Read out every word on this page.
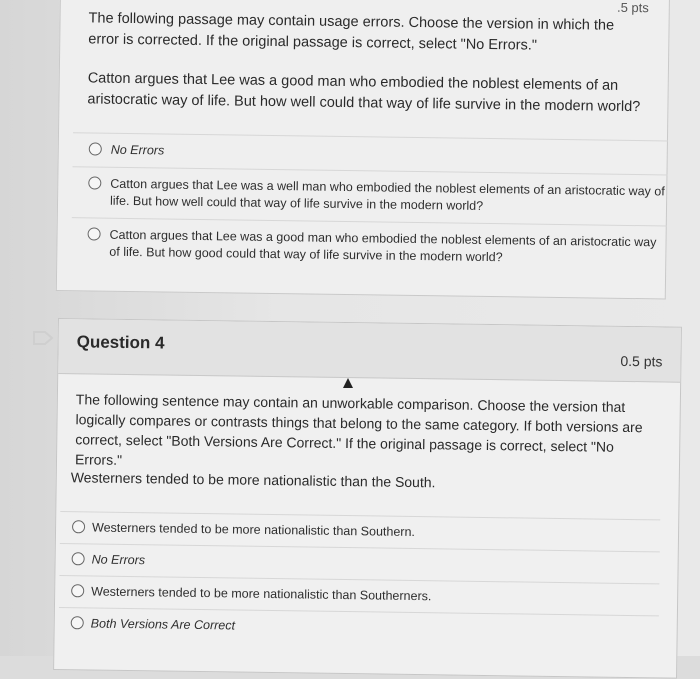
.5 pts
The following passage may contain usage errors. Choose the version in which the error is corrected. If the original passage is correct, select "No Errors."
Catton argues that Lee was a good man who embodied the noblest elements of an aristocratic way of life. But how well could that way of life survive in the modern world?
No Errors
Catton argues that Lee was a well man who embodied the noblest elements of an aristocratic way of life. But how well could that way of life survive in the modern world?
Catton argues that Lee was a good man who embodied the noblest elements of an aristocratic way of life. But how good could that way of life survive in the modern world?
Question 4
0.5 pts
The following sentence may contain an unworkable comparison. Choose the version that logically compares or contrasts things that belong to the same category. If both versions are correct, select "Both Versions Are Correct." If the original passage is correct, select "No Errors."
Westerners tended to be more nationalistic than the South.
Westerners tended to be more nationalistic than Southern.
No Errors
Westerners tended to be more nationalistic than Southerners.
Both Versions Are Correct
